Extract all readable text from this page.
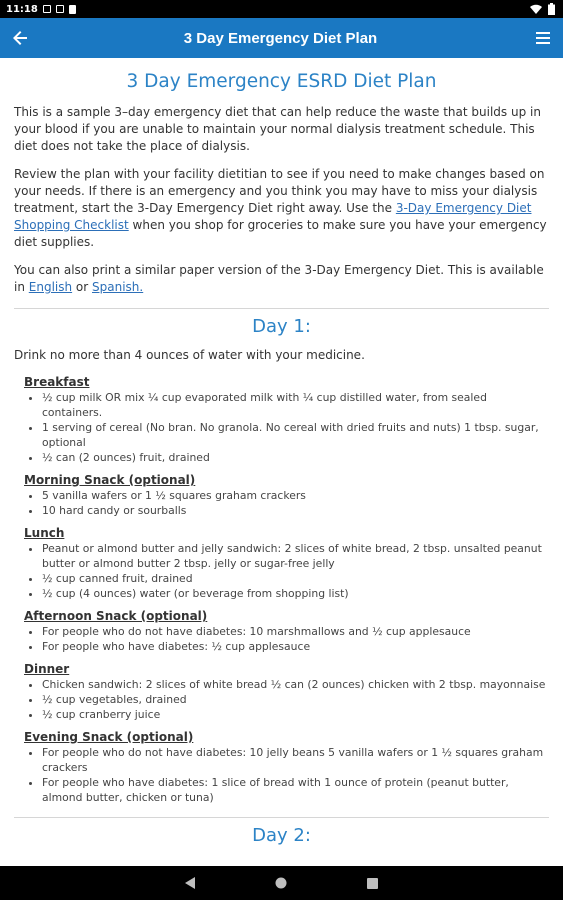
11:18
3 Day Emergency Diet Plan
3 Day Emergency ESRD Diet Plan

This is a sample 3–day emergency diet that can help reduce the waste that builds up in your blood if you are unable to maintain your normal dialysis treatment schedule. This diet does not take the place of dialysis.

Review the plan with your facility dietitian to see if you need to make changes based on your needs. If there is an emergency and you think you may have to miss your dialysis treatment, start the 3-Day Emergency Diet right away. Use the 3-Day Emergency Diet Shopping Checklist when you shop for groceries to make sure you have your emergency diet supplies.

You can also print a similar paper version of the 3-Day Emergency Diet. This is available in English or Spanish.

Day 1:

Drink no more than 4 ounces of water with your medicine.

Breakfast
• ½ cup milk OR mix ¼ cup evaporated milk with ¼ cup distilled water, from sealed containers.
• 1 serving of cereal (No bran. No granola. No cereal with dried fruits and nuts) 1 tbsp. sugar, optional
• ½ can (2 ounces) fruit, drained
Morning Snack (optional)
• 5 vanilla wafers or 1 ½ squares graham crackers
• 10 hard candy or sourballs
Lunch
• Peanut or almond butter and jelly sandwich: 2 slices of white bread, 2 tbsp. unsalted peanut butter or almond butter 2 tbsp. jelly or sugar-free jelly
• ½ cup canned fruit, drained
• ½ cup (4 ounces) water (or beverage from shopping list)
Afternoon Snack (optional)
• For people who do not have diabetes: 10 marshmallows and ½ cup applesauce
• For people who have diabetes: ½ cup applesauce
Dinner
• Chicken sandwich: 2 slices of white bread ½ can (2 ounces) chicken with 2 tbsp. mayonnaise
• ½ cup vegetables, drained
• ½ cup cranberry juice
Evening Snack (optional)
• For people who do not have diabetes: 10 jelly beans 5 vanilla wafers or 1 ½ squares graham crackers
• For people who have diabetes: 1 slice of bread with 1 ounce of protein (peanut butter, almond butter, chicken or tuna)
Day 2:
